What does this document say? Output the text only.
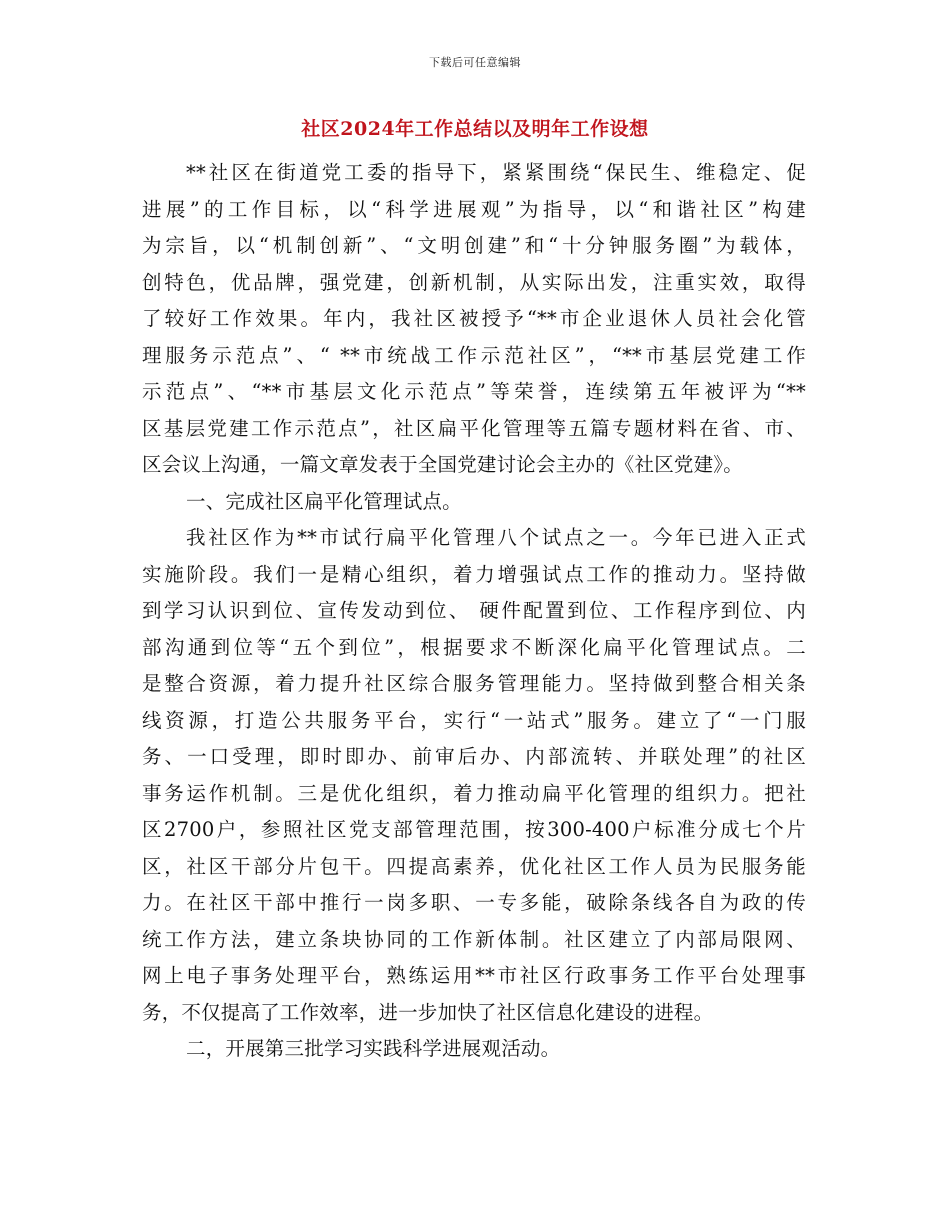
下载后可任意编辑
社区2024年工作总结以及明年工作设想
**社区在街道党工委的指导下，紧紧围绕“保民生、维稳定、促
进展”的工作目标，以“科学进展观”为指导，以“和谐社区”构建
为宗旨，以“机制创新”、“文明创建”和“十分钟服务圈”为载体，
创特色，优品牌，强党建，创新机制，从实际出发，注重实效，取得
了较好工作效果。年内，我社区被授予“**市企业退休人员社会化管
理服务示范点”、“ **市统战工作示范社区”，“**市基层党建工作
示范点”、“**市基层文化示范点”等荣誉，连续第五年被评为“**
区基层党建工作示范点”，社区扁平化管理等五篇专题材料在省、市、
区会议上沟通，一篇文章发表于全国党建讨论会主办的《社区党建》。
一、完成社区扁平化管理试点。
我社区作为**市试行扁平化管理八个试点之一。今年已进入正式
实施阶段。我们一是精心组织，着力增强试点工作的推动力。坚持做
到学习认识到位、宣传发动到位、 硬件配置到位、工作程序到位、内
部沟通到位等“五个到位”，根据要求不断深化扁平化管理试点。二
是整合资源，着力提升社区综合服务管理能力。坚持做到整合相关条
线资源，打造公共服务平台，实行“一站式”服务。建立了“一门服
务、一口受理，即时即办、前审后办、内部流转、并联处理”的社区
事务运作机制。三是优化组织，着力推动扁平化管理的组织力。把社
区2700户，参照社区党支部管理范围，按300-400户标准分成七个片
区，社区干部分片包干。四提高素养，优化社区工作人员为民服务能
力。在社区干部中推行一岗多职、一专多能，破除条线各自为政的传
统工作方法，建立条块协同的工作新体制。社区建立了内部局限网、
网上电子事务处理平台，熟练运用**市社区行政事务工作平台处理事
务，不仅提高了工作效率，进一步加快了社区信息化建设的进程。
二，开展第三批学习实践科学进展观活动。
